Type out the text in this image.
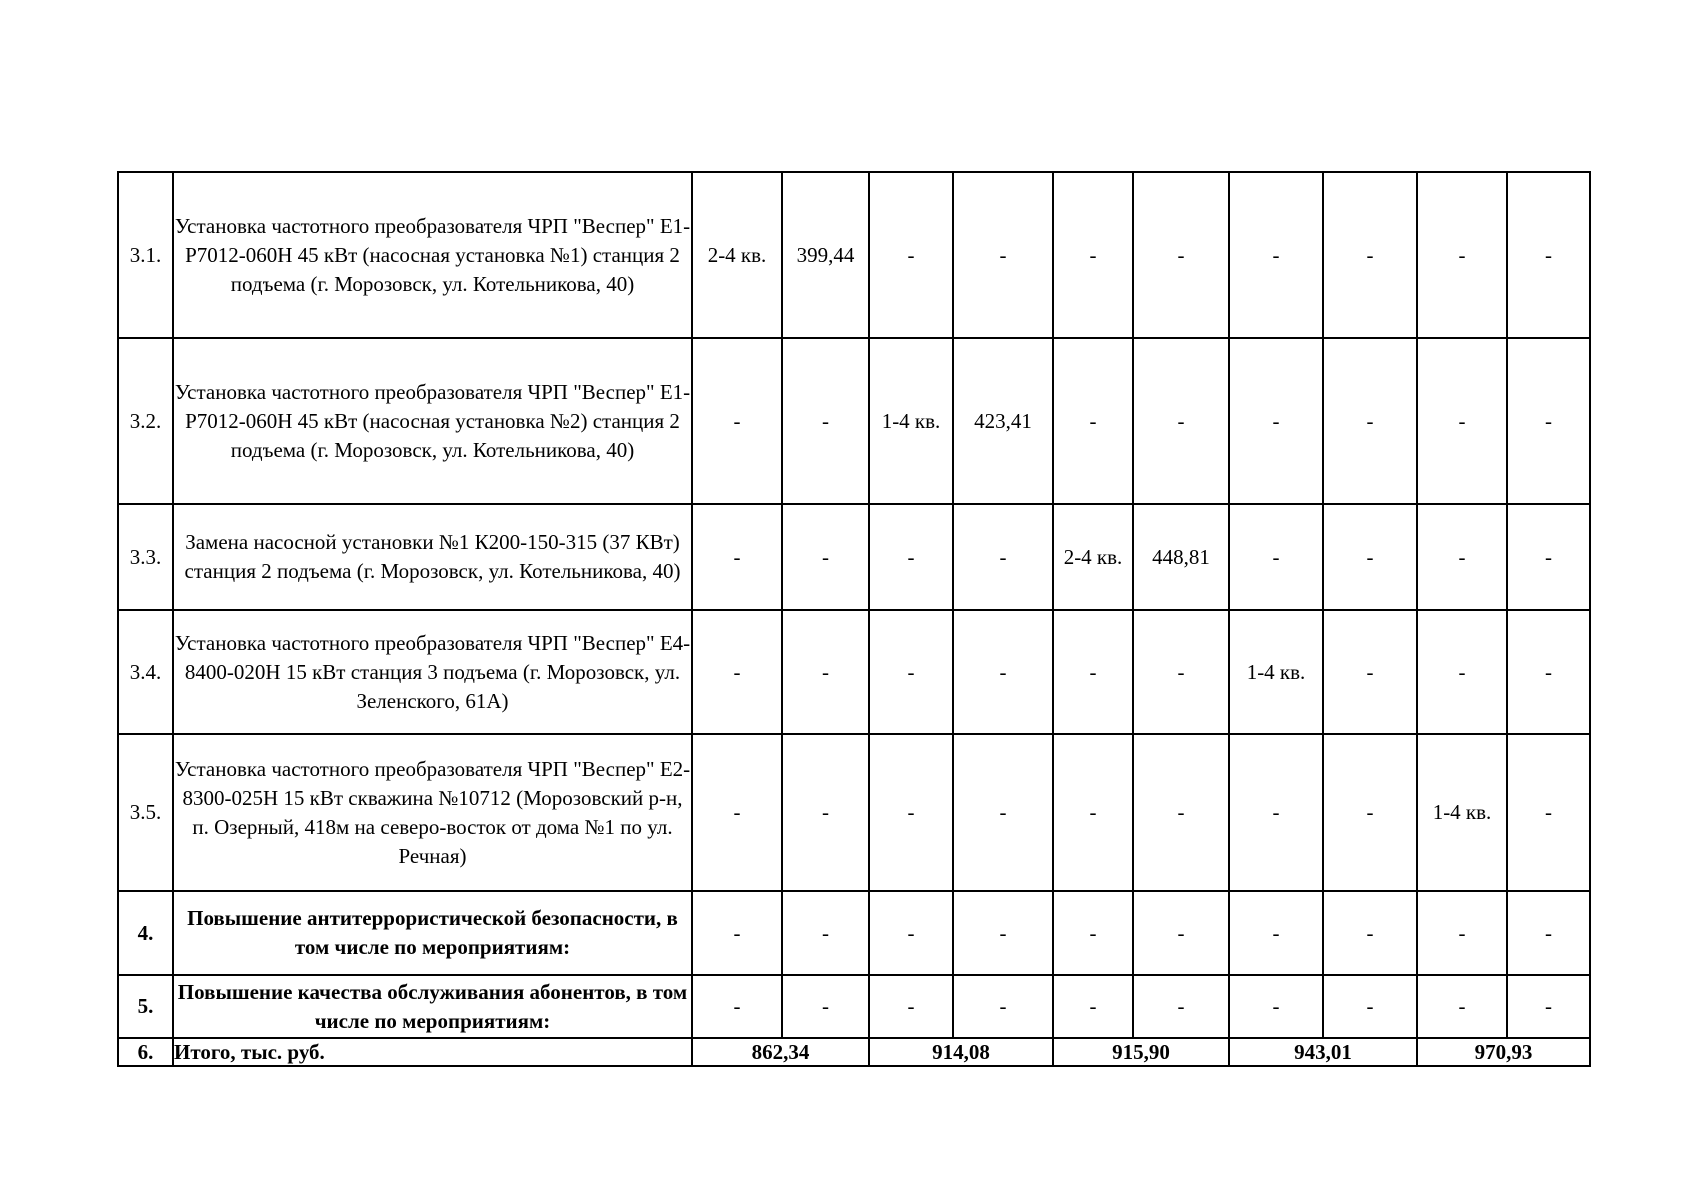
3.1.	Установка частотного преобразователя ЧРП "Веспер" E1-P7012-060H 45 кВт (насосная установка №1) станция 2 подъема (г. Морозовск, ул. Котельникова, 40)	2-4 кв.	399,44	-	-	-	-	-	-	-	-
3.2.	Установка частотного преобразователя ЧРП "Веспер" E1-P7012-060H 45 кВт (насосная установка №2) станция 2 подъема (г. Морозовск, ул. Котельникова, 40)	-	-	1-4 кв.	423,41	-	-	-	-	-	-
3.3.	Замена насосной установки №1 К200-150-315 (37 КВт) станция 2 подъема (г. Морозовск, ул. Котельникова, 40)	-	-	-	-	2-4 кв.	448,81	-	-	-	-
3.4.	Установка частотного преобразователя ЧРП "Веспер" E4-8400-020H 15 кВт станция 3 подъема (г. Морозовск, ул. Зеленского, 61А)	-	-	-	-	-	-	1-4 кв.	-	-	-
3.5.	Установка частотного преобразователя ЧРП "Веспер" E2-8300-025H 15 кВт скважина №10712 (Морозовский р-н, п. Озерный, 418м на северо-восток от дома №1 по ул. Речная)	-	-	-	-	-	-	-	-	1-4 кв.	-
4.	Повышение антитеррористической безопасности, в том числе по мероприятиям:	-	-	-	-	-	-	-	-	-	-
5.	Повышение качества обслуживания абонентов, в том числе по мероприятиям:	-	-	-	-	-	-	-	-	-	-
6.	Итого, тыс. руб.	862,34		914,08		915,90		943,01		970,93	
